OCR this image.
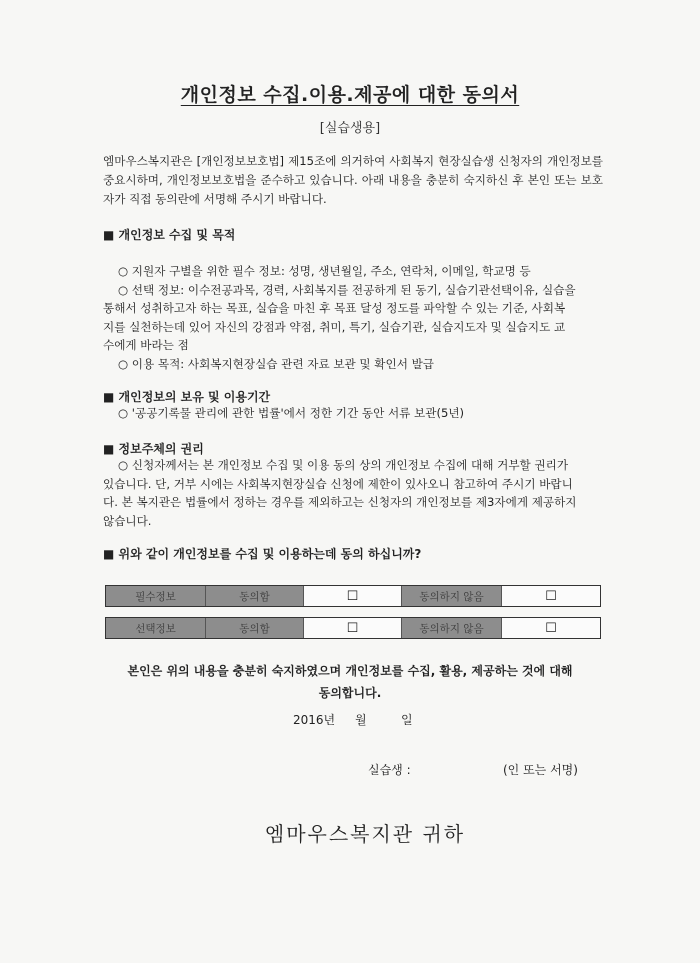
개인정보 수집.이용.제공에 대한 동의서
[실습생용]
엠마우스복지관은 [개인정보보호법] 제15조에 의거하여 사회복지 현장실습생 신청자의 개인정보를 중요시하며, 개인정보보호법을 준수하고 있습니다. 아래 내용을 충분히 숙지하신 후 본인 또는 보호자가 직접 동의란에 서명해 주시기 바랍니다.
■ 개인정보 수집 및 목적
○ 지원자 구별을 위한 필수 정보: 성명, 생년월일, 주소, 연락처, 이메일, 학교명 등
○ 선택 정보: 이수전공과목, 경력, 사회복지를 전공하게 된 동기, 실습기관선택이유, 실습을
통해서 성취하고자 하는 목표, 실습을 마친 후 목표 달성 정도를 파악할 수 있는 기준, 사회복
지를 실천하는데 있어 자신의 강점과 약점, 취미, 특기, 실습기관, 실습지도자 및 실습지도 교
수에게 바라는 점
○ 이용 목적: 사회복지현장실습 관련 자료 보관 및 확인서 발급
■ 개인정보의 보유 및 이용기간
○ '공공기록물 관리에 관한 법률'에서 정한 기간 동안 서류 보관(5년)
■ 정보주체의 권리
○ 신청자께서는 본 개인정보 수집 및 이용 동의 상의 개인정보 수집에 대해 거부할 권리가
있습니다. 단, 거부 시에는 사회복지현장실습 신청에 제한이 있사오니 참고하여 주시기 바랍니
다. 본 복지관은 법률에서 정하는 경우를 제외하고는 신청자의 개인정보를 제3자에게 제공하지
않습니다.
■ 위와 같이 개인정보를 수집 및 이용하는데 동의 하십니까?
필수정보	동의함	☐	동의하지 않음	☐
선택정보	동의함	☐	동의하지 않음	☐
본인은 위의 내용을 충분히 숙지하였으며 개인정보를 수집, 활용, 제공하는 것에 대해
동의합니다.
2016년 월	일
실습생 :	(인 또는 서명)
엠마우스복지관 귀하
